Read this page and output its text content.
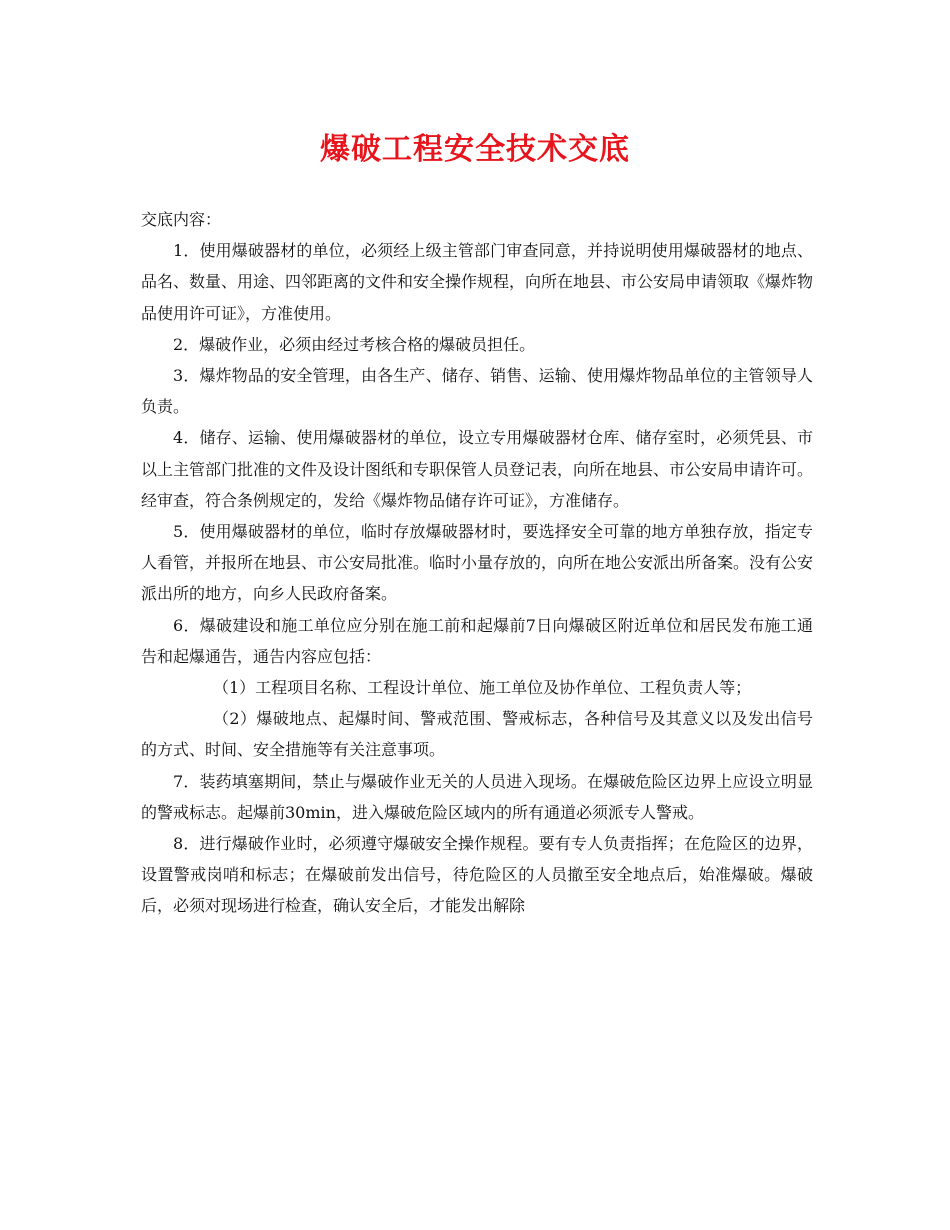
爆破工程安全技术交底

交底内容：

1．使用爆破器材的单位，必须经上级主管部门审查同意，并持说明使用爆破器材的地点、品名、数量、用途、四邻距离的文件和安全操作规程，向所在地县、市公安局申请领取《爆炸物品使用许可证》，方准使用。

2．爆破作业，必须由经过考核合格的爆破员担任。

3．爆炸物品的安全管理，由各生产、储存、销售、运输、使用爆炸物品单位的主管领导人负责。

4．储存、运输、使用爆破器材的单位，设立专用爆破器材仓库、储存室时，必须凭县、市以上主管部门批准的文件及设计图纸和专职保管人员登记表，向所在地县、市公安局申请许可。经审查，符合条例规定的，发给《爆炸物品储存许可证》，方准储存。

5．使用爆破器材的单位，临时存放爆破器材时，要选择安全可靠的地方单独存放，指定专人看管，并报所在地县、市公安局批准。临时小量存放的，向所在地公安派出所备案。没有公安派出所的地方，向乡人民政府备案。

6．爆破建设和施工单位应分别在施工前和起爆前7日向爆破区附近单位和居民发布施工通告和起爆通告，通告内容应包括：

（1）工程项目名称、工程设计单位、施工单位及协作单位、工程负责人等；

（2）爆破地点、起爆时间、警戒范围、警戒标志，各种信号及其意义以及发出信号的方式、时间、安全措施等有关注意事项。

7．装药填塞期间，禁止与爆破作业无关的人员进入现场。在爆破危险区边界上应设立明显的警戒标志。起爆前30min，进入爆破危险区域内的所有通道必须派专人警戒。

8．进行爆破作业时，必须遵守爆破安全操作规程。要有专人负责指挥；在危险区的边界，设置警戒岗哨和标志；在爆破前发出信号，待危险区的人员撤至安全地点后，始准爆破。爆破后，必须对现场进行检查，确认安全后，才能发出解除
